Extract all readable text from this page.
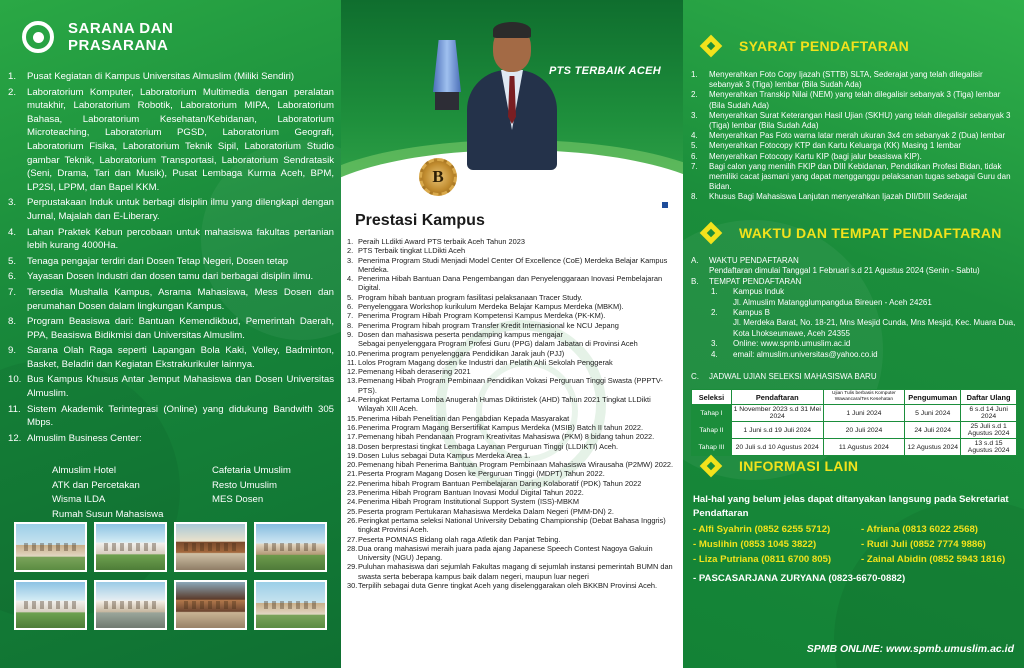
SARANA DAN
PRASARANA
1.	Pusat Kegiatan di Kampus Universitas Almuslim (Miliki Sendiri)
2.	Laboratorium Komputer, Laboratorium Multimedia dengan peralatan mutakhir, Laboratorium Robotik, Laboratorium MIPA, Laboratorium Bahasa, Laboratorium Kesehatan/Kebidanan, Laboratorium Microteaching, Laboratorium PGSD, Laboratorium Geografi, Laboratorium Fisika, Laboratorium Teknik Sipil, Laboratorium Studio gambar Teknik, Laboratorium Transportasi, Laboratorium Sendratasik (Seni, Drama, Tari dan Musik), Pusat Lembaga Kurma Aceh, BPM, LP2SI, LPPM, dan Bapel KKM.
3.	Perpustakaan Induk untuk berbagi disiplin ilmu yang dilengkapi dengan Jurnal, Majalah dan E-Liberary.
4.	Lahan Praktek Kebun percobaan untuk mahasiswa fakultas pertanian lebih kurang 4000Ha.
5.	Tenaga pengajar terdiri dari Dosen Tetap Negeri, Dosen tetap
6.	Yayasan Dosen Industri dan dosen tamu dari berbagai disiplin ilmu.
7.	Tersedia Mushalla Kampus, Asrama Mahasiswa, Mess Dosen dan perumahan Dosen dalam lingkungan Kampus.
8.	Program Beasiswa dari: Bantuan Kemendikbud, Pemerintah Daerah, PPA, Beasiswa Bidikmisi dan Universitas Almuslim.
9.	Sarana Olah Raga seperti Lapangan Bola Kaki, Volley, Badminton, Basket, Beladiri dan Kegiatan Ekstrakurikuler lainnya.
10. Bus Kampus Khusus Antar Jemput Mahasiswa dan Dosen Universitas Almuslim.
11. Sistem Akademik Terintegrasi (Online) yang didukung Bandwith 305 Mbps.
12. Almuslim Business Center:
Almuslim Hotel	Cafetaria Umuslim
ATK dan Percetakan	Resto Umuslim
Wisma ILDA	MES Dosen
Rumah Susun Mahasiswa
PTS TERBAIK ACEH
B
Prestasi Kampus
1. Peraih LLdikti Award PTS terbaik Aceh Tahun 2023
2. PTS Terbaik tingkat LLDikti Aceh
3. Penerima Program Studi Menjadi Model Center Of Excellence (CoE) Merdeka Belajar Kampus Merdeka.
4. Penerima Hibah Bantuan Dana Pengembangan dan Penyelenggaraan Inovasi Pembelajaran Digital.
5. Program hibah bantuan program fasilitasi pelaksanaan Tracer Study.
6. Penyelenggara Workshop kurikulum Merdeka Belajar Kampus Merdeka (MBKM).
7. Penerima Program Hibah Program Kompetensi Kampus Merdeka (PK-KM).
8. Penerima Program hibah program Transfer Kredit Internasional ke NCU Jepang
9. Dosen dan mahasiswa peserta pendamping kampus mengajar
Sebagai penyelenggara Program Profesi Guru (PPG) dalam Jabatan di Provinsi Aceh
10. Penerima program penyelenggara Pendidikan Jarak jauh (PJJ)
11. Lolos Program Magang dosen ke Industri dan Pelatih Ahli Sekolah Penggerak
12. Pemenang Hibah derasering 2021
13. Pemenang Hibah Program Pembinaan Pendidikan Vokasi Perguruan Tinggi Swasta (PPPTV-PTS).
14. Peringkat Pertama Lomba Anugerah Humas Diktiristek (AHD) Tahun 2021 Tingkat LLDikti Wilayah XIII Aceh.
15. Penerima Hibah Penelitian dan Pengabdian Kepada Masyarakat
16. Penerima Program Magang Bersertifikat Kampus Merdeka (MSIB) Batch II tahun 2022.
17. Pemenang hibah Pendanaan Program Kreativitas Mahasiswa (PKM) 8 bidang tahun 2022.
18. Dosen berprestasi tingkat Lembaga Layanan Perguruan Tinggi (LLDIKTI) Aceh.
19. Dosen Lulus sebagai Duta Kampus Merdeka Area 1.
20. Pemenang hibah Penerima Bantuan Program Pembinaan Mahasiswa Wirausaha (P2MW) 2022.
21. Peserta Program Magang Dosen ke Perguruan Tinggi (MDPT) Tahun 2022.
22. Penerima hibah Program Bantuan Pembelajaran Daring Kolaboratif (PDK) Tahun 2022
23. Penerima Hibah Program Bantuan Inovasi Modul Digital Tahun 2022.
24. Penerima Hibah Program Institutional Support System (ISS)-MBKM
25. Peserta program Pertukaran Mahasiswa Merdeka Dalam Negeri (PMM-DN) 2.
26. Peringkat pertama seleksi National University Debating Championship (Debat Bahasa Inggris) tingkat Provinsi Aceh.
27. Peserta POMNAS Bidang olah raga Atletik dan Panjat Tebing.
28. Dua orang mahasiswi meraih juara pada ajang Japanese Speech Contest Nagoya Gakuin University (NGU) Jepang.
29. Puluhan mahasiswa dari sejumlah Fakultas magang di sejumlah instansi pemerintah BUMN dan swasta serta beberapa kampus baik dalam negeri, maupun luar negeri
30. Terpilih sebagai duta Genre tingkat Aceh yang diselenggarakan oleh BKKBN Provinsi Aceh.
SYARAT PENDAFTARAN
1.	Menyerahkan Foto Copy Ijazah (STTB) SLTA, Sederajat yang telah dilegalisir sebanyak 3 (Tiga) lembar (Bila Sudah Ada)
2.	Menyerahkan Transkip Nilai (NEM) yang telah dilegalisir sebanyak 3 (Tiga) lembar (Bila Sudah Ada)
3.	Menyerahkan Surat Keterangan Hasil Ujian (SKHU) yang telah dilegalisir sebanyak 3 (Tiga) lembar (Bila Sudah Ada)
4.	Menyerahkan Pas Foto warna latar merah ukuran 3x4 cm sebanyak 2 (Dua) lembar
5.	Menyerahkan Fotocopy KTP dan Kartu Keluarga (KK) Masing 1 lembar
6.	Menyerahkan Fotocopy Kartu KIP (bagi jalur beasiswa KIP).
7.	Bagi calon yang memilih FKIP dan DIII Kebidanan, Pendidikan Profesi Bidan, tidak memiliki cacat jasmani yang dapat mengganggu pelaksanan tugas sebagai Guru dan Bidan.
8.	Khusus Bagi Mahasiswa Lanjutan menyerahkan Ijazah DII/DIII Sederajat
WAKTU DAN TEMPAT PENDAFTARAN
A.	WAKTU PENDAFTARAN
Pendaftaran dimulai Tanggal 1 Februari s.d 21 Agustus 2024 (Senin - Sabtu)
B.	TEMPAT PENDAFTARAN
1.	Kampus Induk
Jl. Almuslim Matangglumpangdua Bireuen - Aceh 24261
2.	Kampus B
Jl. Merdeka Barat, No. 18-21, Mns Mesjid Cunda, Mns Mesjid, Kec. Muara Dua, Kota Lhokseumawe, Aceh 24355
3.	Online: www.spmb.umuslim.ac.id
4.	email: almuslim.universitas@yahoo.co.id
C.	JADWAL UJIAN SELEKSI MAHASISWA BARU
Seleksi	Pendaftaran	Ujian Tulis berbasis Komputer Wawancara/Tes Kesehatan	Pengumuman	Daftar Ulang
Tahap I	1 November 2023 s.d 31 Mei 2024	1 Juni 2024	5 Juni 2024	6 s.d 14 Juni 2024
Tahap II	1 Juni s.d 19 Juli 2024	20 Juli 2024	24 Juli 2024	25 Juli s.d 1 Agustus 2024
Tahap III	20 Juli s.d 10 Agustus 2024	11 Agustus 2024	12 Agustus 2024	13 s.d 15 Agustus 2024
INFORMASI LAIN
Hal-hal yang belum jelas dapat ditanyakan langsung pada Sekretariat Pendaftaran
- Alfi Syahrin (0852 6255 5712)	- Afriana (0813 6022 2568)
- Muslihin (0853 1045 3822)	- Rudi Juli (0852 7774 9886)
- Liza Putriana (0811 6700 805)	- Zainal Abidin (0852 5943 1816)
- PASCASARJANA ZURYANA (0823-6670-0882)
SPMB ONLINE: www.spmb.umuslim.ac.id
